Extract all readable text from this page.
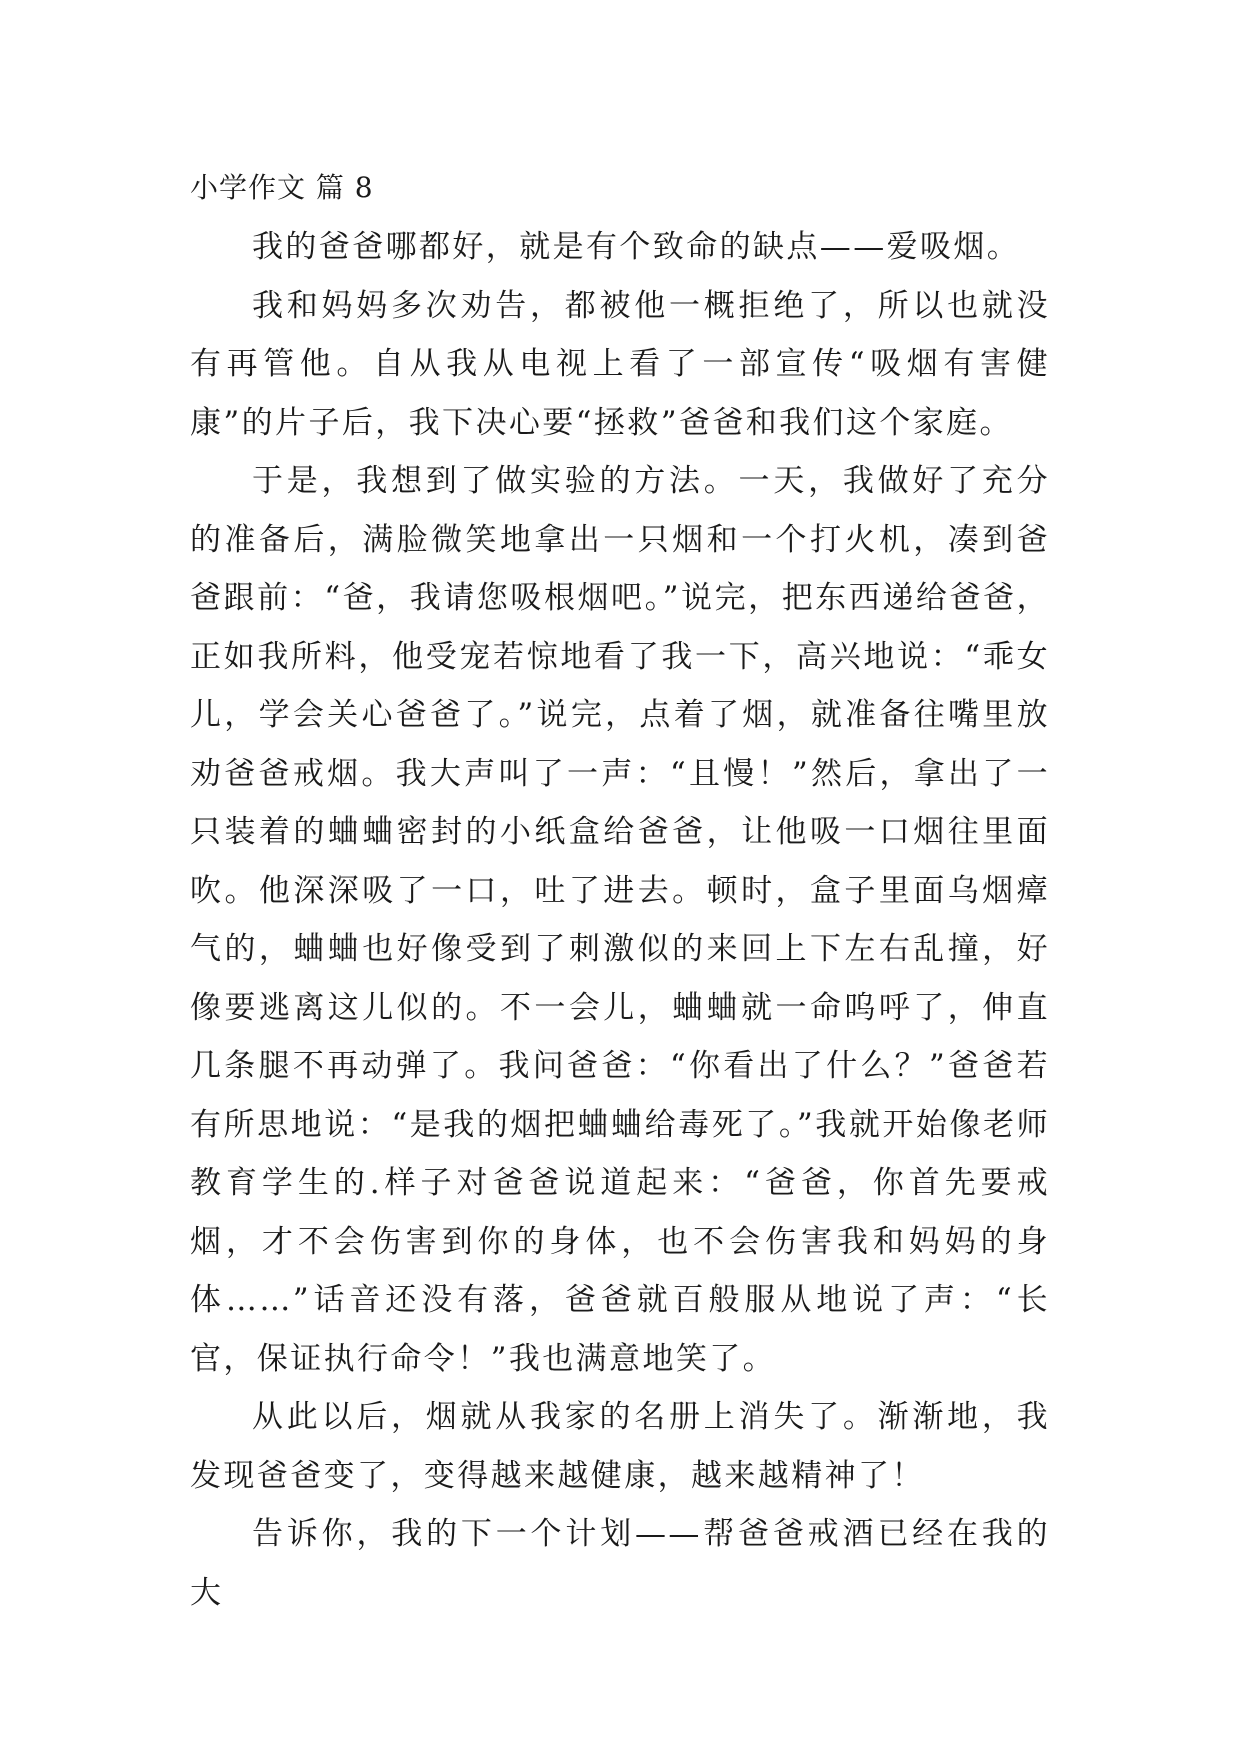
小学作文 篇 8

我的爸爸哪都好，就是有个致命的缺点——爱吸烟。

我和妈妈多次劝告，都被他一概拒绝了，所以也就没有再管他。自从我从电视上看了一部宣传“吸烟有害健康”的片子后，我下决心要“拯救”爸爸和我们这个家庭。

于是，我想到了做实验的方法。一天，我做好了充分的准备后，满脸微笑地拿出一只烟和一个打火机，凑到爸爸跟前：“爸，我请您吸根烟吧。”说完，把东西递给爸爸，正如我所料，他受宠若惊地看了我一下，高兴地说：“乖女儿，学会关心爸爸了。”说完，点着了烟，就准备往嘴里放劝爸爸戒烟。我大声叫了一声：“且慢！”然后，拿出了一只装着的蛐蛐密封的小纸盒给爸爸，让他吸一口烟往里面吹。他深深吸了一口，吐了进去。顿时，盒子里面乌烟瘴气的，蛐蛐也好像受到了刺激似的来回上下左右乱撞，好像要逃离这儿似的。不一会儿，蛐蛐就一命呜呼了，伸直几条腿不再动弹了。我问爸爸：“你看出了什么？”爸爸若有所思地说：“是我的烟把蛐蛐给毒死了。”我就开始像老师教育学生的.样子对爸爸说道起来：“爸爸，你首先要戒烟，才不会伤害到你的身体，也不会伤害我和妈妈的身体……”话音还没有落，爸爸就百般服从地说了声：“长官，保证执行命令！”我也满意地笑了。

从此以后，烟就从我家的名册上消失了。渐渐地，我发现爸爸变了，变得越来越健康，越来越精神了！

告诉你，我的下一个计划——帮爸爸戒酒已经在我的大
